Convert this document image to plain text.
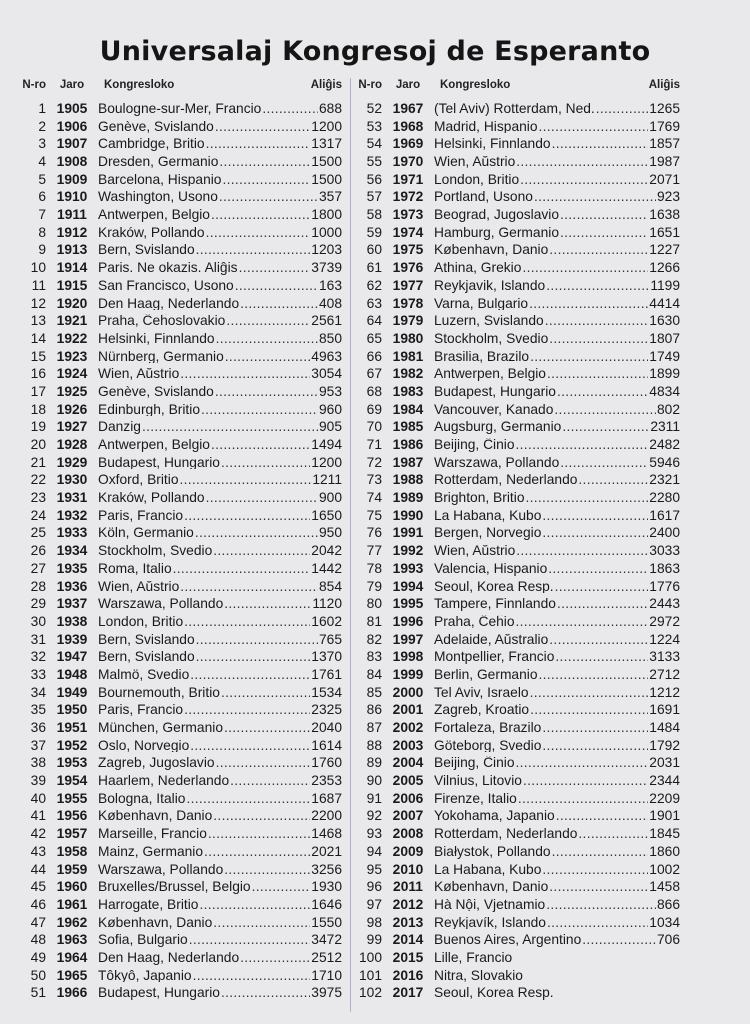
Universalaj Kongresoj de Esperanto
N-ro	Jaro	Kongresloko	Aliĝis
1 1905 Boulogne-sur-Mer, Francio .....	688
2 1906 Genève, Svislando .....	1200
3 1907 Cambridge, Britio .....	1317
4 1908 Dresden, Germanio .....	1500
5 1909 Barcelona, Hispanio .....	1500
6 1910 Washington, Usono .....	357
7 1911 Antwerpen, Belgio .....	1800
8 1912 Kraków, Pollando .....	1000
9 1913 Bern, Svislando .....	1203
10 1914 Paris. Ne okazis. Aliĝis .....	3739
11 1915 San Francisco, Usono .....	163
12 1920 Den Haag, Nederlando .....	408
13 1921 Praha, Ĉeĥoslovakio .....	2561
14 1922 Helsinki, Finnlando .....	850
15 1923 Nürnberg, Germanio .....	4963
16 1924 Wien, Aŭstrio .....	3054
17 1925 Genève, Svislando .....	953
18 1926 Edinburgh, Britio .....	960
19 1927 Danzig .....	905
20 1928 Antwerpen, Belgio .....	1494
21 1929 Budapest, Hungario .....	1200
22 1930 Oxford, Britio .....	1211
23 1931 Kraków, Pollando .....	900
24 1932 Paris, Francio .....	1650
25 1933 Köln, Germanio .....	950
26 1934 Stockholm, Svedio .....	2042
27 1935 Roma, Italio .....	1442
28 1936 Wien, Aŭstrio .....	854
29 1937 Warszawa, Pollando .....	1120
30 1938 London, Britio .....	1602
31 1939 Bern, Svislando .....	765
32 1947 Bern, Svislando .....	1370
33 1948 Malmö, Svedio .....	1761
34 1949 Bournemouth, Britio .....	1534
35 1950 Paris, Francio .....	2325
36 1951 München, Germanio .....	2040
37 1952 Oslo, Norvegio .....	1614
38 1953 Zagreb, Jugoslavio .....	1760
39 1954 Haarlem, Nederlando .....	2353
40 1955 Bologna, Italio .....	1687
41 1956 København, Danio .....	2200
42 1957 Marseille, Francio .....	1468
43 1958 Mainz, Germanio .....	2021
44 1959 Warszawa, Pollando .....	3256
45 1960 Bruxelles/Brussel, Belgio .....	1930
46 1961 Harrogate, Britio .....	1646
47 1962 København, Danio .....	1550
48 1963 Sofia, Bulgario .....	3472
49 1964 Den Haag, Nederlando .....	2512
50 1965 Tôkyô, Japanio .....	1710
51 1966 Budapest, Hungario .....	3975
N-ro	Jaro	Kongresloko	Aliĝis
52 1967 (Tel Aviv) Rotterdam, Ned. .....	1265
53 1968 Madrid, Hispanio .....	1769
54 1969 Helsinki, Finnlando .....	1857
55 1970 Wien, Aŭstrio .....	1987
56 1971 London, Britio .....	2071
57 1972 Portland, Usono .....	923
58 1973 Beograd, Jugoslavio .....	1638
59 1974 Hamburg, Germanio .....	1651
60 1975 København, Danio .....	1227
61 1976 Athina, Grekio .....	1266
62 1977 Reykjavik, Islando .....	1199
63 1978 Varna, Bulgario .....	4414
64 1979 Luzern, Svislando .....	1630
65 1980 Stockholm, Svedio .....	1807
66 1981 Brasilia, Brazilo .....	1749
67 1982 Antwerpen, Belgio .....	1899
68 1983 Budapest, Hungario .....	4834
69 1984 Vancouver, Kanado .....	802
70 1985 Augsburg, Germanio .....	2311
71 1986 Beijing, Ĉinio .....	2482
72 1987 Warszawa, Pollando .....	5946
73 1988 Rotterdam, Nederlando .....	2321
74 1989 Brighton, Britio .....	2280
75 1990 La Habana, Kubo .....	1617
76 1991 Bergen, Norvegio .....	2400
77 1992 Wien, Aŭstrio .....	3033
78 1993 Valencia, Hispanio .....	1863
79 1994 Seoul, Korea Resp. .....	1776
80 1995 Tampere, Finnlando .....	2443
81 1996 Praha, Ĉeĥio .....	2972
82 1997 Adelaide, Aŭstralio .....	1224
83 1998 Montpellier, Francio .....	3133
84 1999 Berlin, Germanio .....	2712
85 2000 Tel Aviv, Israelo .....	1212
86 2001 Zagreb, Kroatio .....	1691
87 2002 Fortaleza, Brazilo .....	1484
88 2003 Göteborg, Svedio .....	1792
89 2004 Beijing, Ĉinio .....	2031
90 2005 Vilnius, Litovio .....	2344
91 2006 Firenze, Italio .....	2209
92 2007 Yokohama, Japanio .....	1901
93 2008 Rotterdam, Nederlando .....	1845
94 2009 Białystok, Pollando .....	1860
95 2010 La Habana, Kubo .....	1002
96 2011 København, Danio .....	1458
97 2012 Hà Nội, Vjetnamio .....	866
98 2013 Reykjavík, Islando .....	1034
99 2014 Buenos Aires, Argentino .....	706
100 2015 Lille, Francio
101 2016 Nitra, Slovakio
102 2017 Seoul, Korea Resp.
